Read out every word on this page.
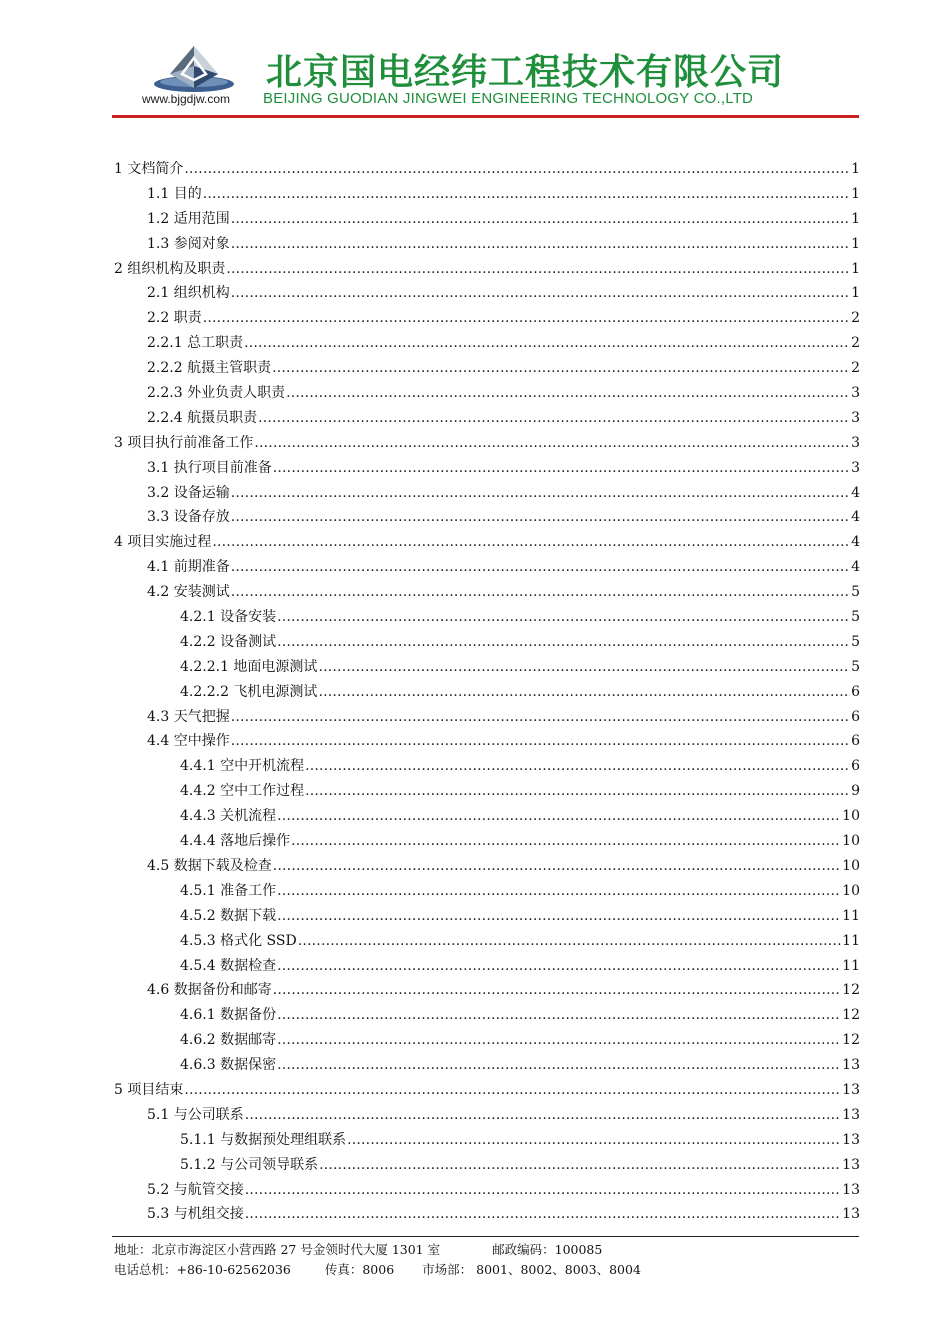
www.bjgdjw.com
北京国电经纬工程技术有限公司
BEIJING GUODIAN JINGWEI ENGINEERING TECHNOLOGY CO.,LTD
1 文档简介 .....	1
1.1 目的 .....	1
1.2 适用范围 .....	1
1.3 参阅对象 .....	1
2 组织机构及职责 .....	1
2.1 组织机构 .....	1
2.2 职责 .....	2
2.2.1 总工职责 .....	2
2.2.2 航摄主管职责 .....	2
2.2.3 外业负责人职责 .....	3
2.2.4 航摄员职责 .....	3
3 项目执行前准备工作 .....	3
3.1 执行项目前准备 .....	3
3.2 设备运输 .....	4
3.3 设备存放 .....	4
4 项目实施过程 .....	4
4.1 前期准备 .....	4
4.2 安装测试 .....	5
4.2.1 设备安装 .....	5
4.2.2 设备测试 .....	5
4.2.2.1 地面电源测试 .....	5
4.2.2.2 飞机电源测试 .....	6
4.3 天气把握 .....	6
4.4 空中操作 .....	6
4.4.1 空中开机流程 .....	6
4.4.2 空中工作过程 .....	9
4.4.3 关机流程 .....	10
4.4.4 落地后操作 .....	10
4.5 数据下载及检查 .....	10
4.5.1 准备工作 .....	10
4.5.2 数据下载 .....	11
4.5.3 格式化 SSD .....	11
4.5.4 数据检查 .....	11
4.6 数据备份和邮寄 .....	12
4.6.1 数据备份 .....	12
4.6.2 数据邮寄 .....	12
4.6.3 数据保密 .....	13
5 项目结束 .....	13
5.1 与公司联系 .....	13
5.1.1 与数据预处理组联系 .....	13
5.1.2 与公司领导联系 .....	13
5.2 与航管交接 .....	13
5.3 与机组交接 .....	13
地址：北京市海淀区小营西路 27 号金领时代大厦 1301 室	邮政编码：100085
电话总机：+86-10-62562036	传真：8006 市场部： 8001、8002、8003、8004
